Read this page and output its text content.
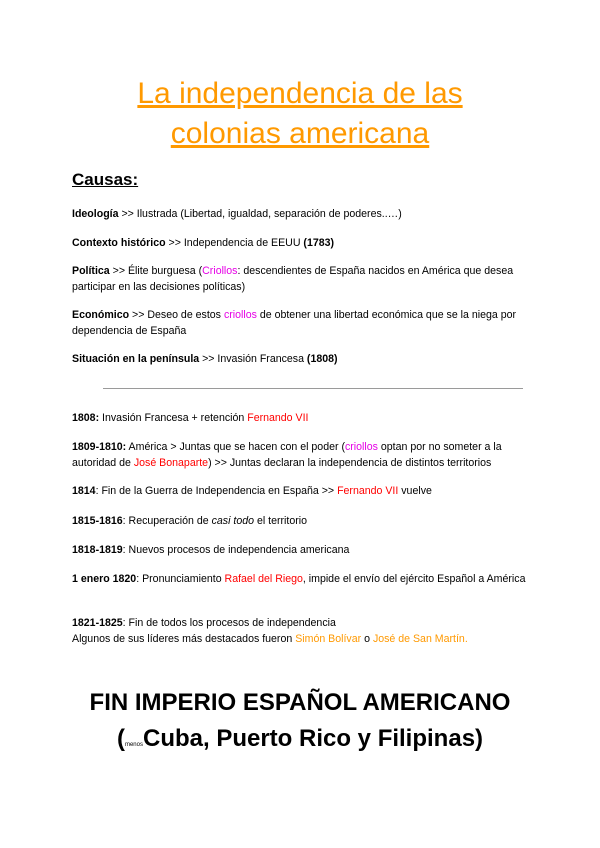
La independencia de las
colonias americana
Causas:
Ideología >> Ilustrada (Libertad, igualdad, separación de poderes..…)
Contexto histórico >> Independencia de EEUU (1783)
Política >> Élite burguesa (Criollos: descendientes de España nacidos en América que desea participar en las decisiones políticas)
Económico >> Deseo de estos criollos de obtener una libertad económica que se la niega por dependencia de España
Situación en la península >> Invasión Francesa (1808)
1808: Invasión Francesa + retención Fernando VII
1809-1810: América > Juntas que se hacen con el poder (criollos optan por no someter a la autoridad de José Bonaparte) >> Juntas declaran la independencia de distintos territorios
1814: Fin de la Guerra de Independencia en España >> Fernando VII vuelve
1815-1816: Recuperación de casi todo el territorio
1818-1819: Nuevos procesos de independencia americana
1 enero 1820: Pronunciamiento Rafael del Riego, impide el envío del ejército Español a América
1821-1825: Fin de todos los procesos de independencia
Algunos de sus líderes más destacados fueron Simón Bolívar o José de San Martín.
FIN IMPERIO ESPAÑOL AMERICANO
(menosCuba, Puerto Rico y Filipinas)
